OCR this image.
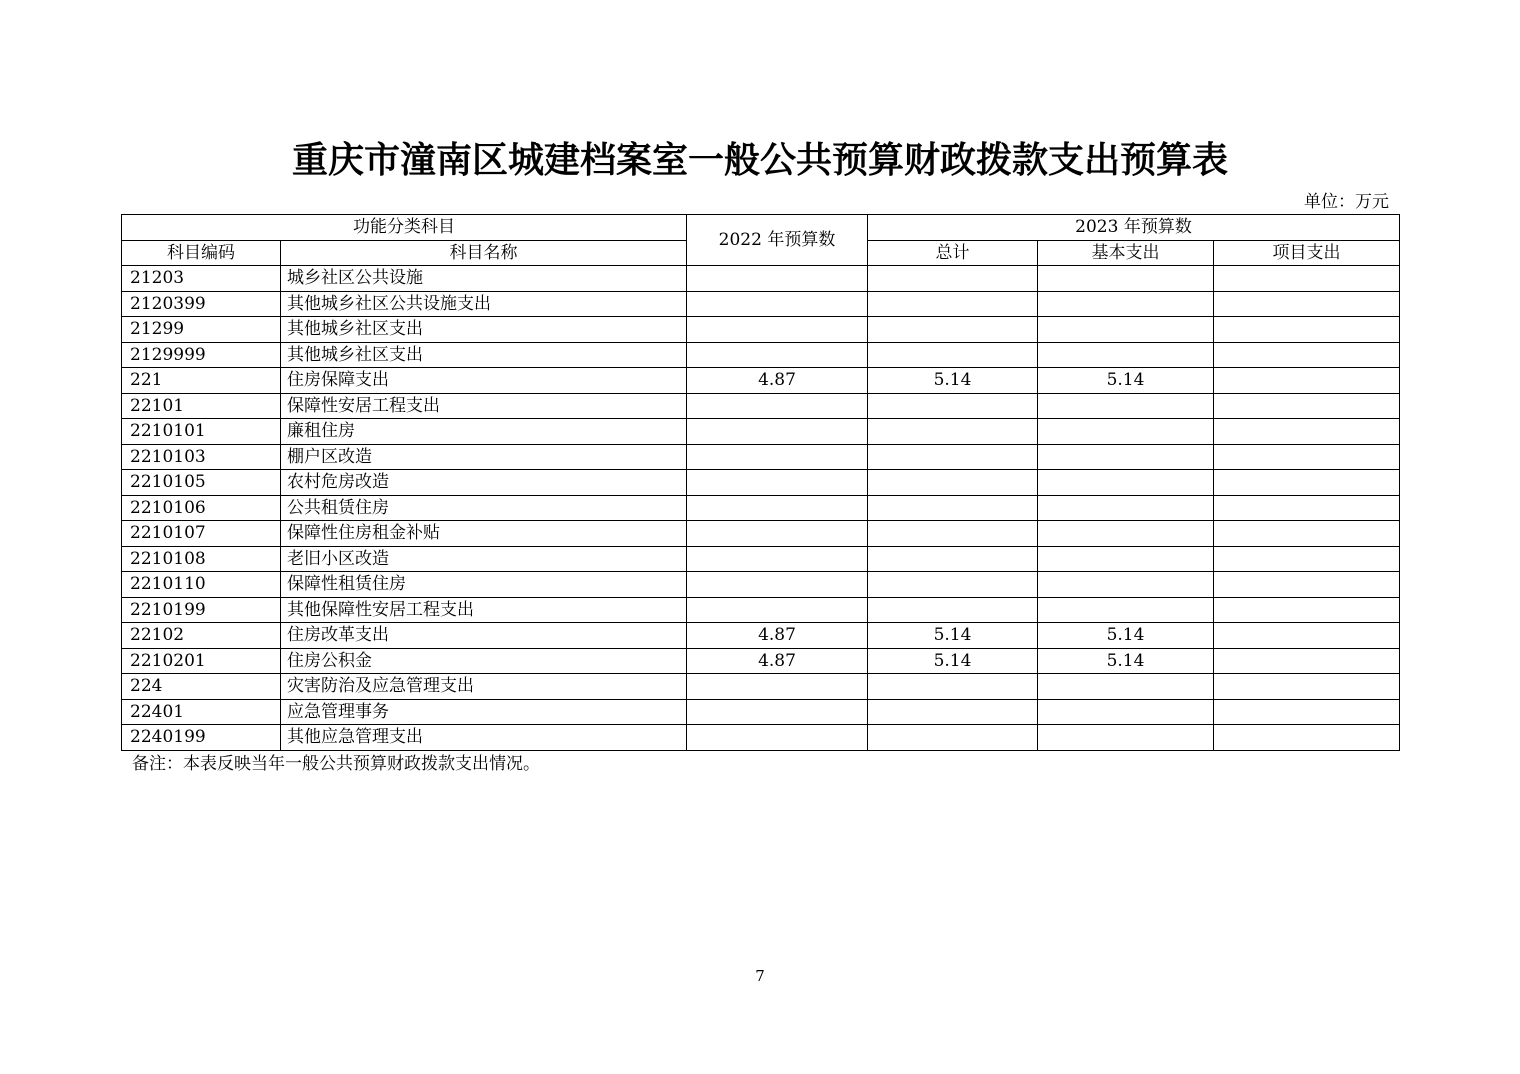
重庆市潼南区城建档案室一般公共预算财政拨款支出预算表
单位：万元
功能分类科目		2022 年预算数	2023 年预算数		
科目编码	科目名称		总计	基本支出	项目支出
21203	城乡社区公共设施				
2120399	其他城乡社区公共设施支出				
21299	其他城乡社区支出				
2129999	其他城乡社区支出				
221	住房保障支出	4.87	5.14	5.14	
22101	保障性安居工程支出				
2210101	廉租住房				
2210103	棚户区改造				
2210105	农村危房改造				
2210106	公共租赁住房				
2210107	保障性住房租金补贴				
2210108	老旧小区改造				
2210110	保障性租赁住房				
2210199	其他保障性安居工程支出				
22102	住房改革支出	4.87	5.14	5.14	
2210201	住房公积金	4.87	5.14	5.14	
224	灾害防治及应急管理支出				
22401	应急管理事务				
2240199	其他应急管理支出				
备注：本表反映当年一般公共预算财政拨款支出情况。
7
